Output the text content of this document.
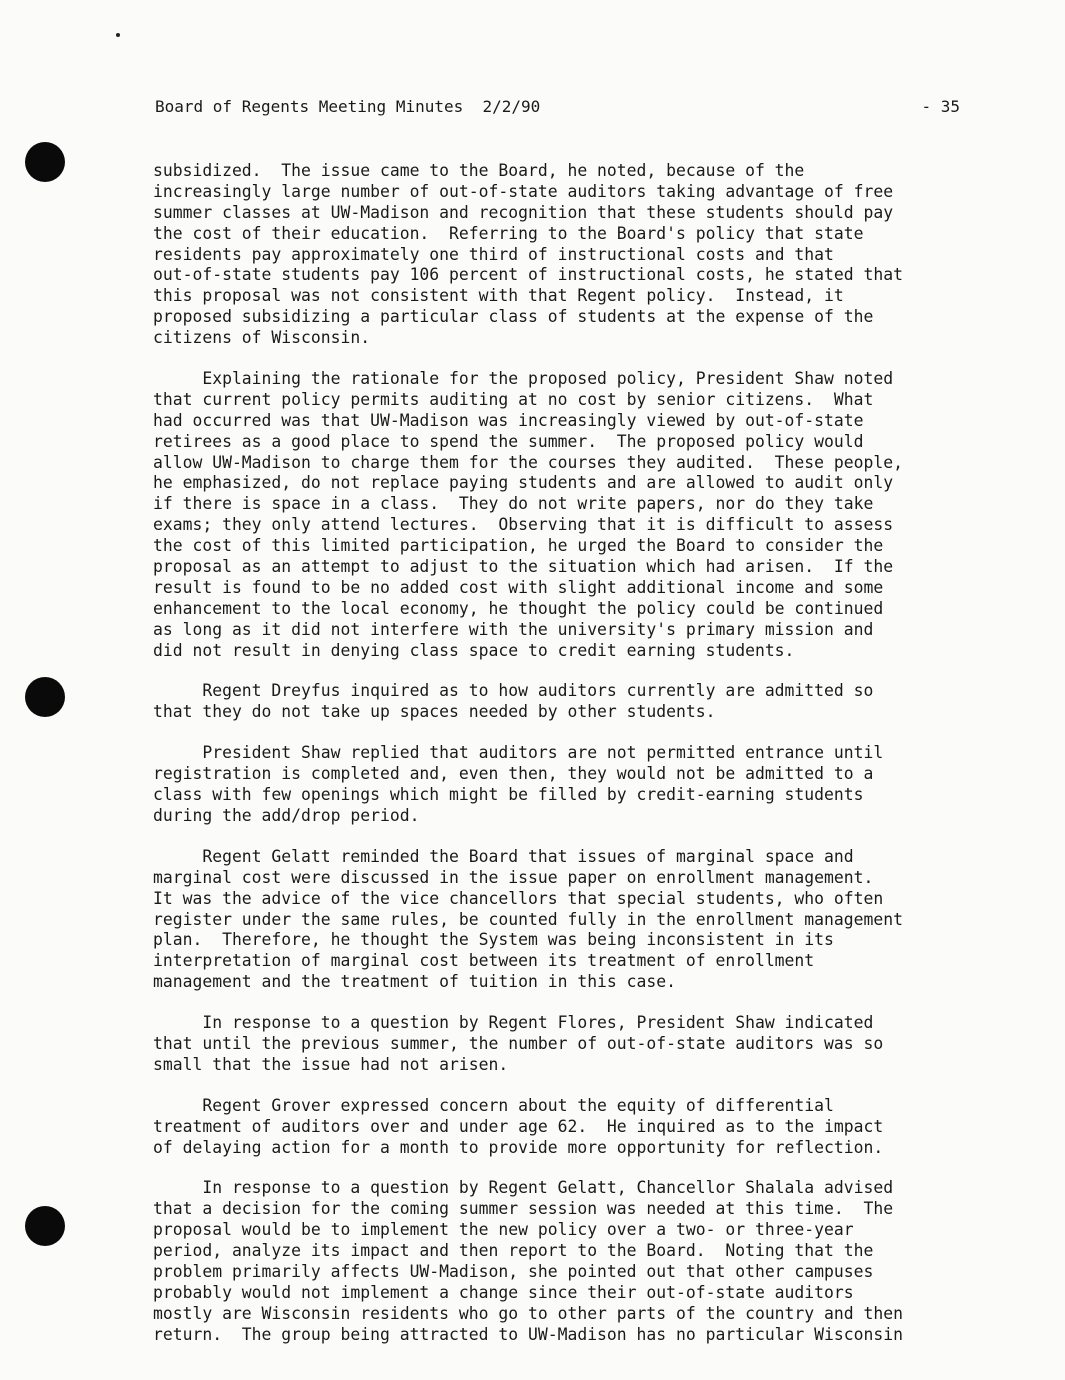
Board of Regents Meeting Minutes  2/2/90

	- 35

subsidized.  The issue came to the Board, he noted, because of the
increasingly large number of out-of-state auditors taking advantage of free
summer classes at UW-Madison and recognition that these students should pay
the cost of their education.  Referring to the Board's policy that state
residents pay approximately one third of instructional costs and that
out-of-state students pay 106 percent of instructional costs, he stated that
this proposal was not consistent with that Regent policy.  Instead, it
proposed subsidizing a particular class of students at the expense of the
citizens of Wisconsin.
Explaining the rationale for the proposed policy, President Shaw noted
that current policy permits auditing at no cost by senior citizens.  What
had occurred was that UW-Madison was increasingly viewed by out-of-state
retirees as a good place to spend the summer.  The proposed policy would
allow UW-Madison to charge them for the courses they audited.  These people,
he emphasized, do not replace paying students and are allowed to audit only
if there is space in a class.  They do not write papers, nor do they take
exams; they only attend lectures.  Observing that it is difficult to assess
the cost of this limited participation, he urged the Board to consider the
proposal as an attempt to adjust to the situation which had arisen.  If the
result is found to be no added cost with slight additional income and some
enhancement to the local economy, he thought the policy could be continued
as long as it did not interfere with the university's primary mission and
did not result in denying class space to credit earning students.
Regent Dreyfus inquired as to how auditors currently are admitted so
that they do not take up spaces needed by other students.
President Shaw replied that auditors are not permitted entrance until
registration is completed and, even then, they would not be admitted to a
class with few openings which might be filled by credit-earning students
during the add/drop period.
Regent Gelatt reminded the Board that issues of marginal space and
marginal cost were discussed in the issue paper on enrollment management.
It was the advice of the vice chancellors that special students, who often
register under the same rules, be counted fully in the enrollment management
plan.  Therefore, he thought the System was being inconsistent in its
interpretation of marginal cost between its treatment of enrollment
management and the treatment of tuition in this case.
In response to a question by Regent Flores, President Shaw indicated
that until the previous summer, the number of out-of-state auditors was so
small that the issue had not arisen.
Regent Grover expressed concern about the equity of differential
treatment of auditors over and under age 62.  He inquired as to the impact
of delaying action for a month to provide more opportunity for reflection.
In response to a question by Regent Gelatt, Chancellor Shalala advised
that a decision for the coming summer session was needed at this time.  The
proposal would be to implement the new policy over a two- or three-year
period, analyze its impact and then report to the Board.  Noting that the
problem primarily affects UW-Madison, she pointed out that other campuses
probably would not implement a change since their out-of-state auditors
mostly are Wisconsin residents who go to other parts of the country and then
return.  The group being attracted to UW-Madison has no particular Wisconsin
